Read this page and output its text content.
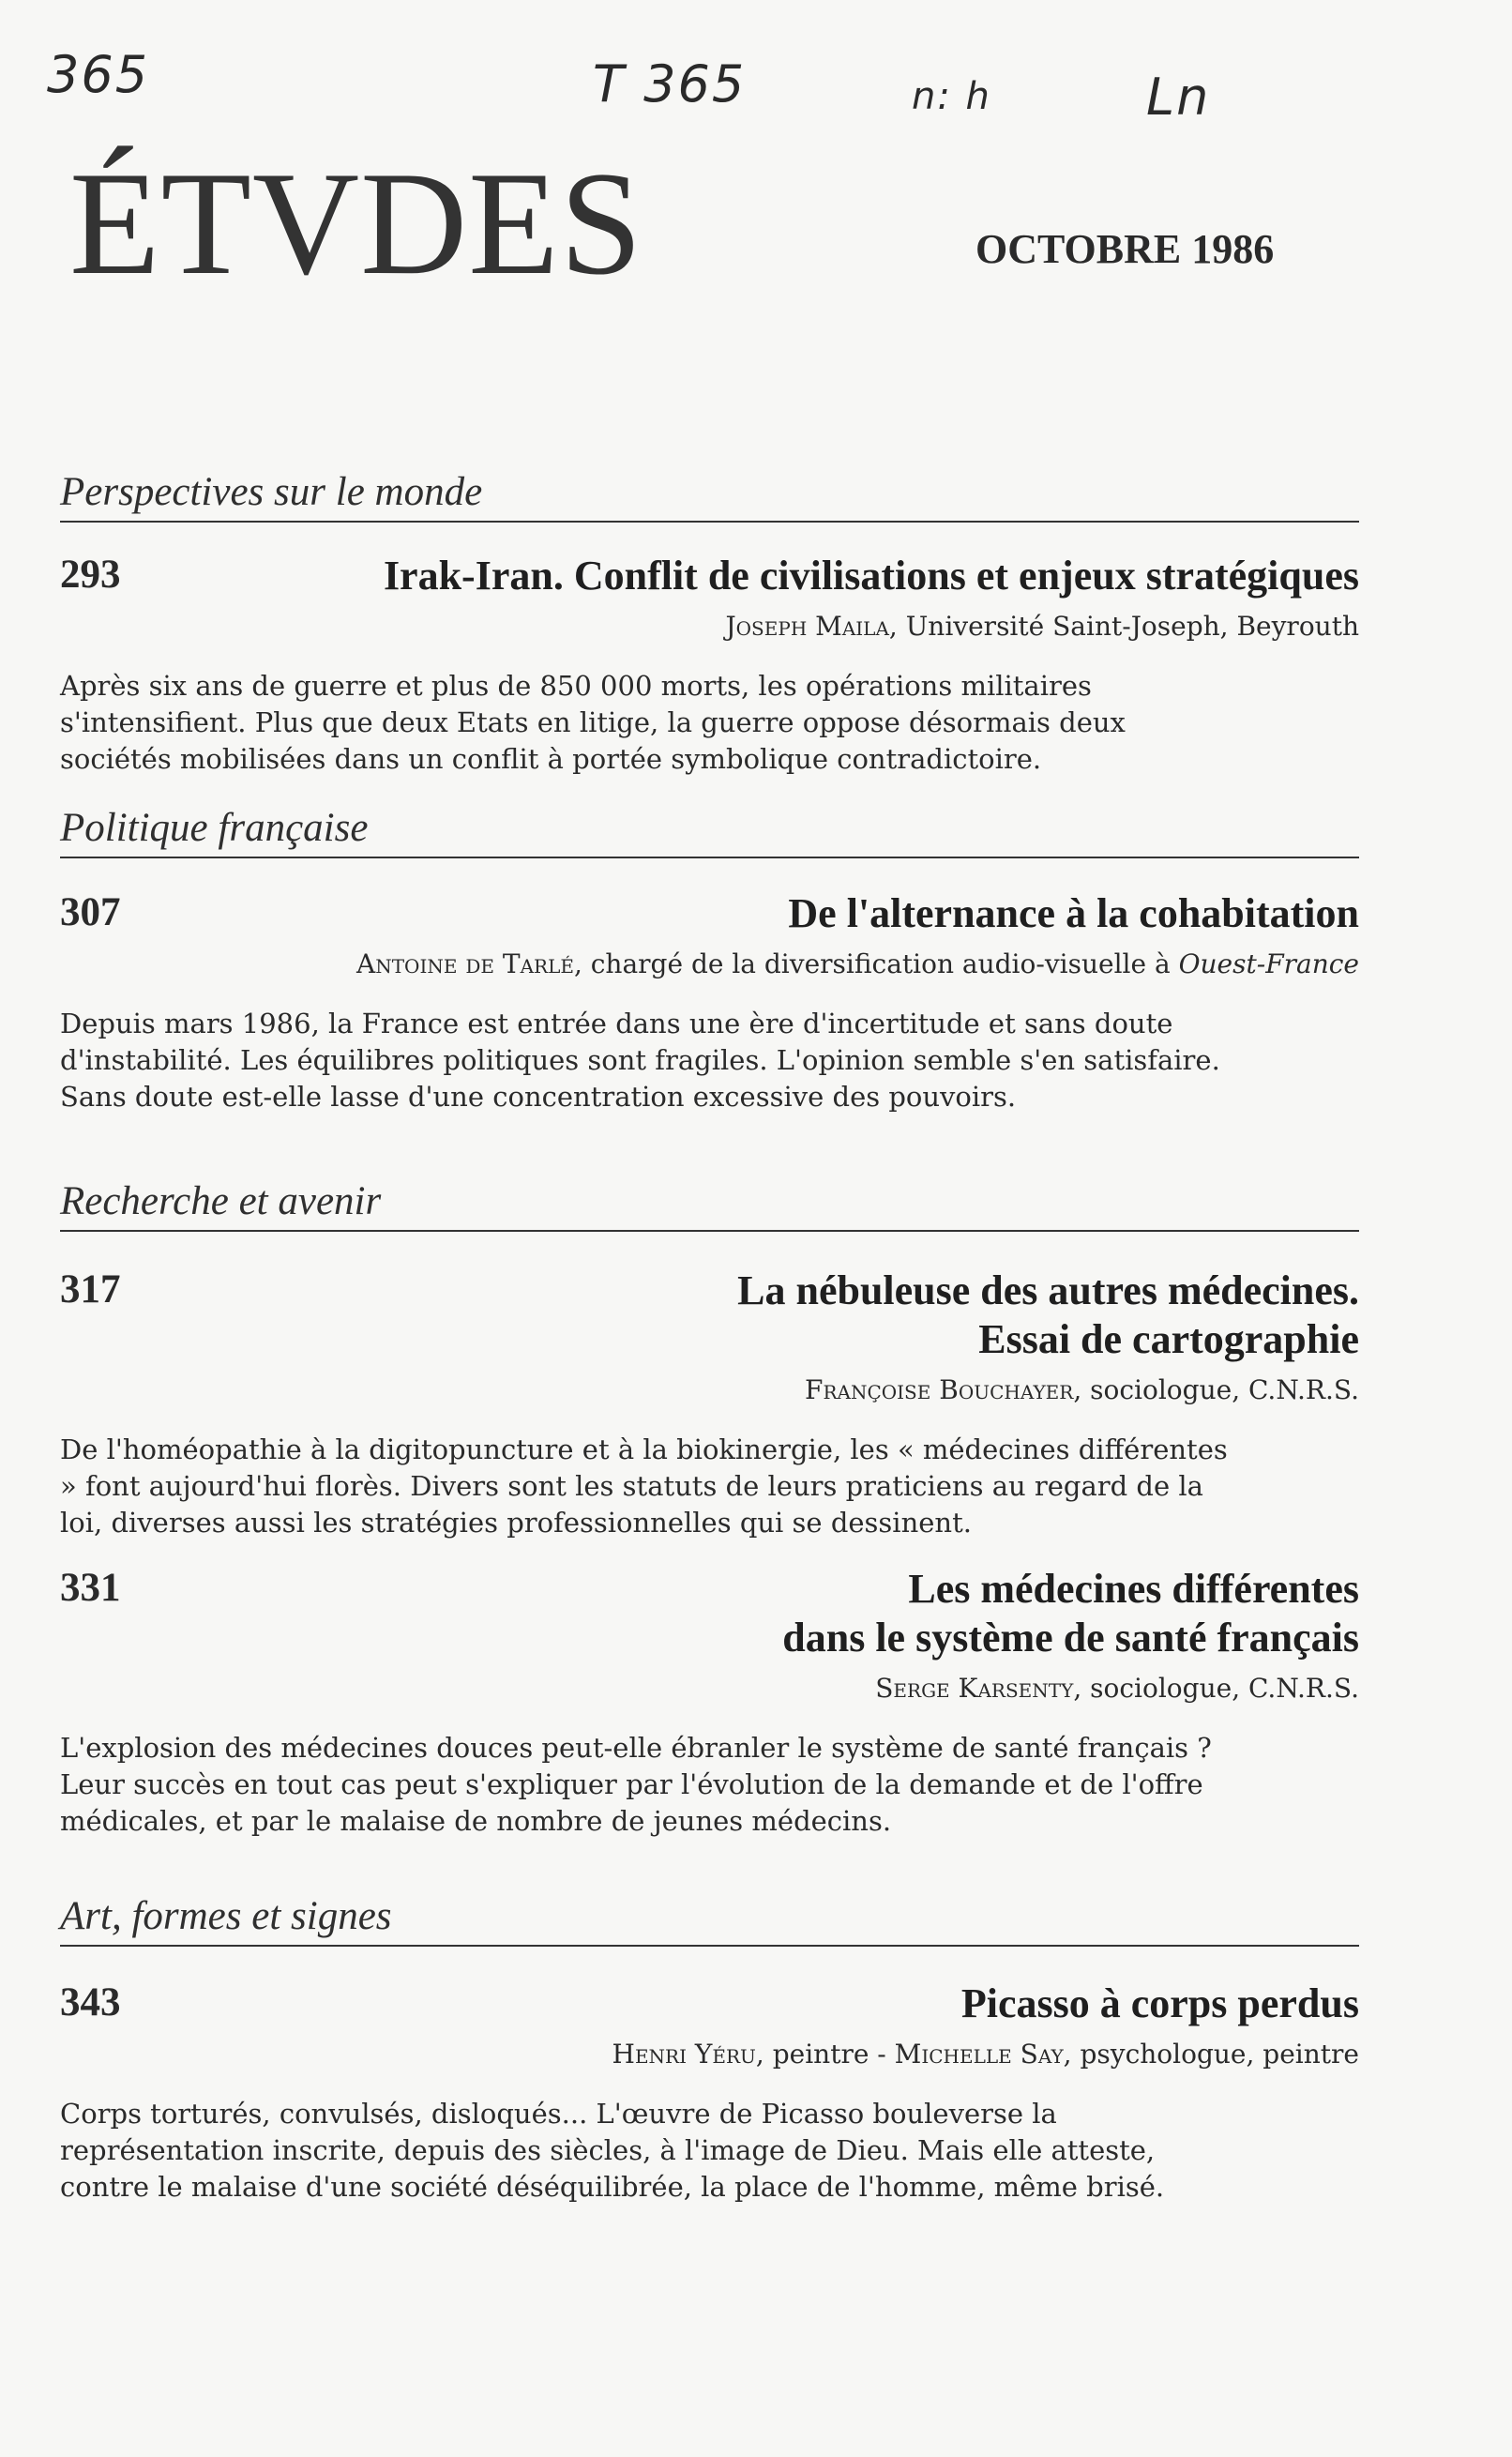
365	T 365	n: h	Ln
ÉTVDES	OCTOBRE 1986
Perspectives sur le monde
293	Irak-Iran. Conflit de civilisations et enjeux stratégiques
Joseph Maila, Université Saint-Joseph, Beyrouth
Après six ans de guerre et plus de 850 000 morts, les opérations militaires s'intensifient. Plus que deux Etats en litige, la guerre oppose désormais deux sociétés mobilisées dans un conflit à portée symbolique contradictoire.
Politique française
307	De l'alternance à la cohabitation
Antoine de Tarlé, chargé de la diversification audio-visuelle à Ouest-France
Depuis mars 1986, la France est entrée dans une ère d'incertitude et sans doute d'instabilité. Les équilibres politiques sont fragiles. L'opinion semble s'en satisfaire. Sans doute est-elle lasse d'une concentration excessive des pouvoirs.
Recherche et avenir
317	La nébuleuse des autres médecines.
Essai de cartographie
Françoise Bouchayer, sociologue, C.N.R.S.
De l'homéopathie à la digitopuncture et à la biokinergie, les « médecines différentes » font aujourd'hui florès. Divers sont les statuts de leurs praticiens au regard de la loi, diverses aussi les stratégies professionnelles qui se dessinent.
331	Les médecines différentes
dans le système de santé français
Serge Karsenty, sociologue, C.N.R.S.
L'explosion des médecines douces peut-elle ébranler le système de santé français ? Leur succès en tout cas peut s'expliquer par l'évolution de la demande et de l'offre médicales, et par le malaise de nombre de jeunes médecins.
Art, formes et signes
343	Picasso à corps perdus
Henri Yéru, peintre - Michelle Say, psychologue, peintre
Corps torturés, convulsés, disloqués... L'œuvre de Picasso bouleverse la représentation inscrite, depuis des siècles, à l'image de Dieu. Mais elle atteste, contre le malaise d'une société déséquilibrée, la place de l'homme, même brisé.
